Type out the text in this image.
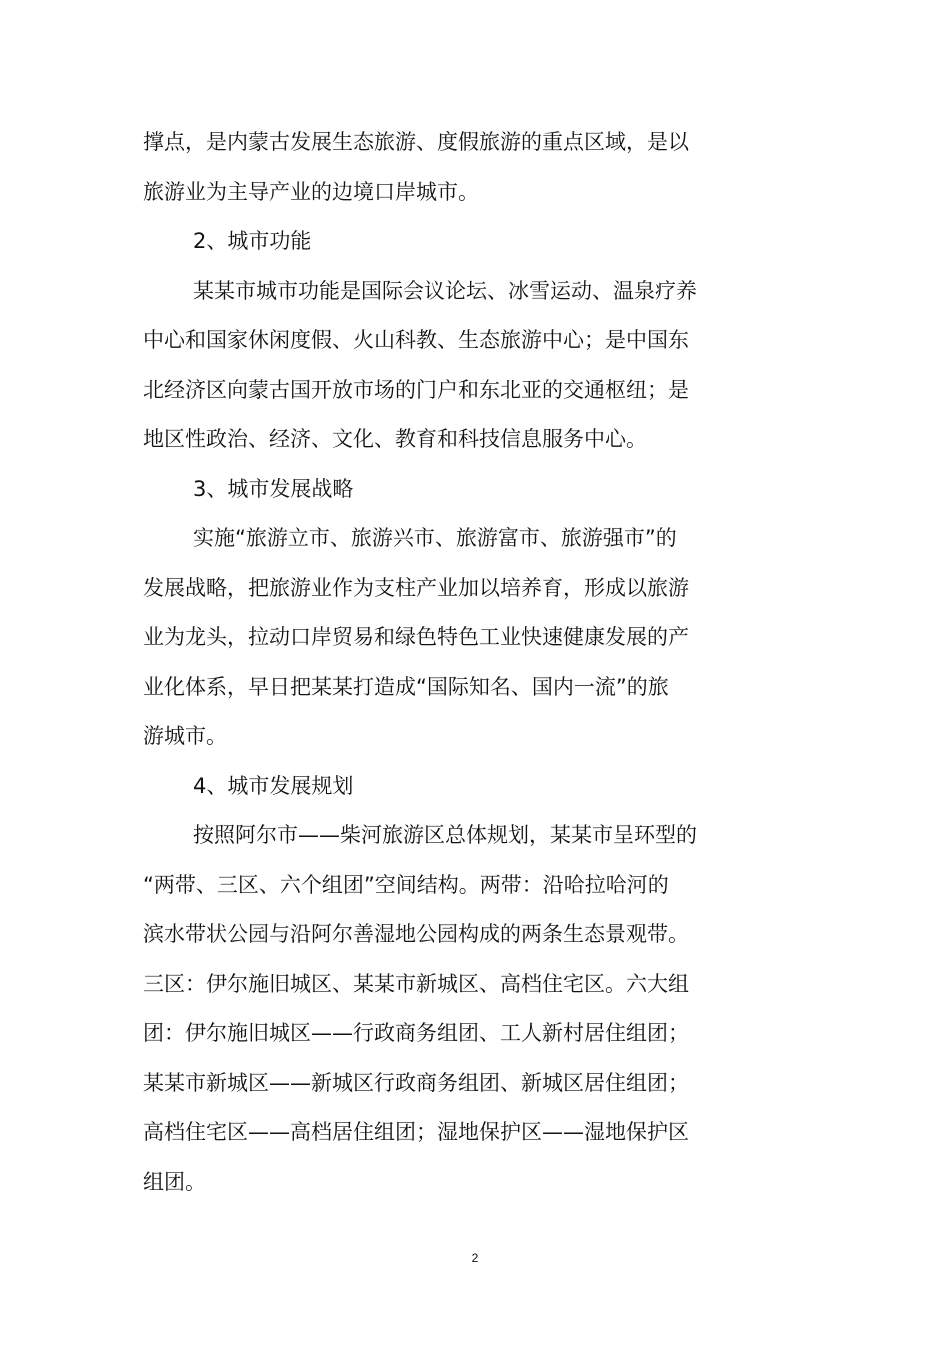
撑点，是内蒙古发展生态旅游、度假旅游的重点区域，是以
旅游业为主导产业的边境口岸城市。
2、城市功能
某某市城市功能是国际会议论坛、冰雪运动、温泉疗养
中心和国家休闲度假、火山科教、生态旅游中心；是中国东
北经济区向蒙古国开放市场的门户和东北亚的交通枢纽；是
地区性政治、经济、文化、教育和科技信息服务中心。
3、城市发展战略
实施“旅游立市、旅游兴市、旅游富市、旅游强市”的
发展战略，把旅游业作为支柱产业加以培养育，形成以旅游
业为龙头，拉动口岸贸易和绿色特色工业快速健康发展的产
业化体系，早日把某某打造成“国际知名、国内一流”的旅
游城市。
4、城市发展规划
按照阿尔市——柴河旅游区总体规划，某某市呈环型的
“两带、三区、六个组团”空间结构。两带：沿哈拉哈河的
滨水带状公园与沿阿尔善湿地公园构成的两条生态景观带。
三区：伊尔施旧城区、某某市新城区、高档住宅区。六大组
团：伊尔施旧城区——行政商务组团、工人新村居住组团；
某某市新城区——新城区行政商务组团、新城区居住组团；
高档住宅区——高档居住组团；湿地保护区——湿地保护区
组团。
2
